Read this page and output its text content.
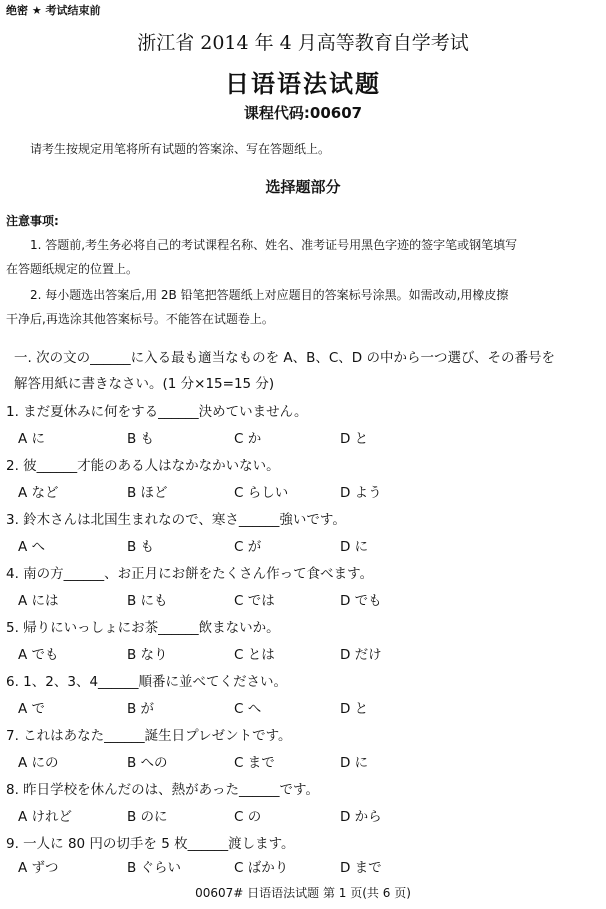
绝密 ★ 考试结束前
浙江省 2014 年 4 月高等教育自学考试
日语语法试题
课程代码:00607
请考生按规定用笔将所有试题的答案涂、写在答题纸上。
选择题部分
注意事项:
1. 答题前,考生务必将自己的考试课程名称、姓名、准考证号用黑色字迹的签字笔或钢笔填写
在答题纸规定的位置上。
2. 每小题选出答案后,用 2B 铅笔把答题纸上对应题目的答案标号涂黑。如需改动,用橡皮擦
干净后,再选涂其他答案标号。不能答在试题卷上。
一. 次の文の______に入る最も適当なものを A、B、C、D の中から一つ選び、その番号を
解答用紙に書きなさい。(1 分×15=15 分)
1. まだ夏休みに何をする______決めていません。
A に	B も	C か	D と
2. 彼______才能のある人はなかなかいない。
A など	B ほど	C らしい	D よう
3. 鈴木さんは北国生まれなので、寒さ______強いです。
A へ	B も	C が	D に
4. 南の方______、お正月にお餅をたくさん作って食べます。
A には	B にも	C では	D でも
5. 帰りにいっしょにお茶______飲まないか。
A でも	B なり	C とは	D だけ
6. 1、2、3、4______順番に並べてください。
A で	B が	C へ	D と
7. これはあなた______誕生日プレゼントです。
A にの	B への	C まで	D に
8. 昨日学校を休んだのは、熱があった______です。
A けれど	B のに	C の	D から
9. 一人に 80 円の切手を 5 枚______渡します。
A ずつ	B ぐらい	C ばかり	D まで
00607# 日语语法试题 第 1 页(共 6 页)
